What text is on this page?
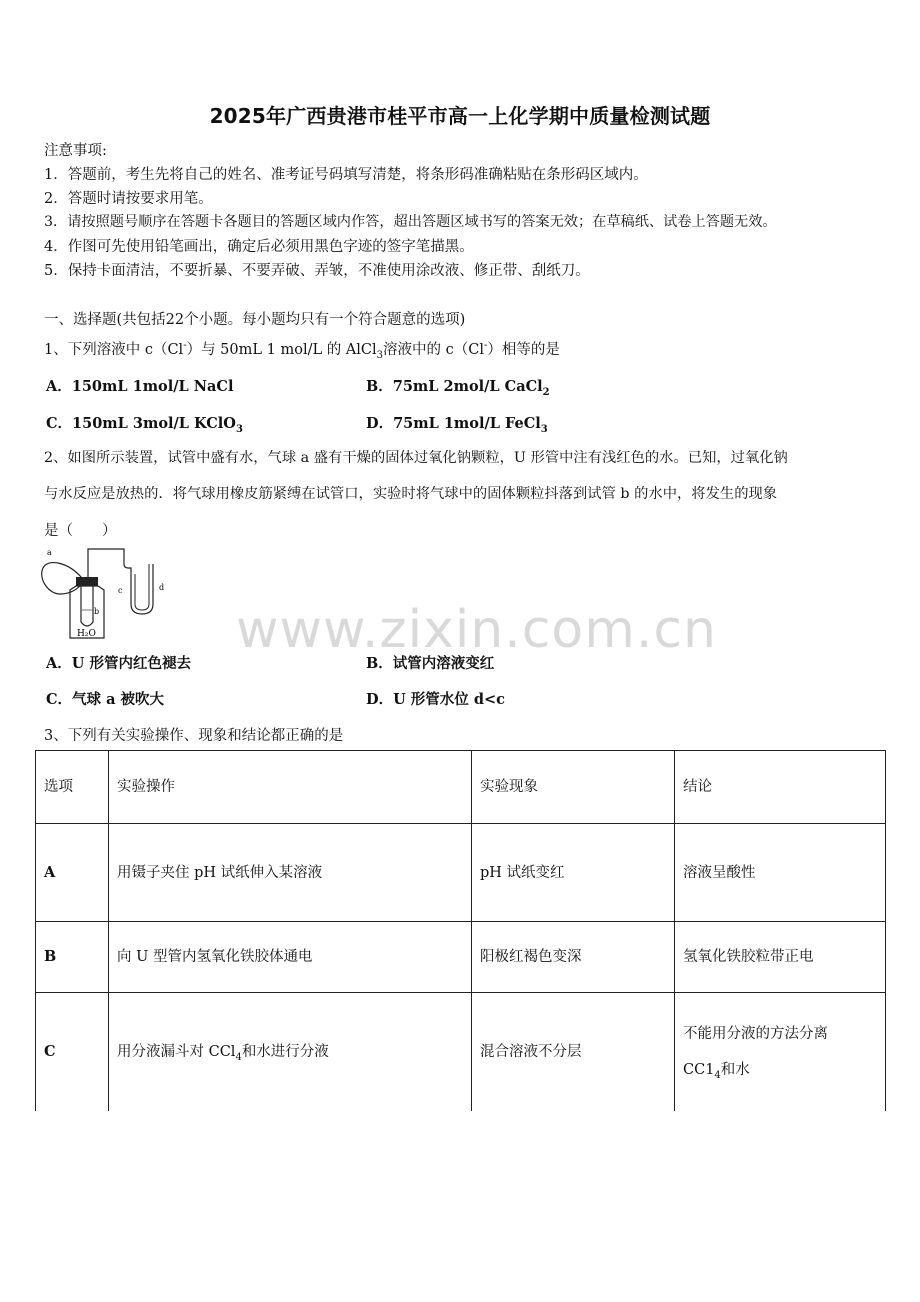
2025年广西贵港市桂平市高一上化学期中质量检测试题
注意事项:
1．答题前，考生先将自己的姓名、准考证号码填写清楚，将条形码准确粘贴在条形码区域内。
2．答题时请按要求用笔。
3．请按照题号顺序在答题卡各题目的答题区域内作答，超出答题区域书写的答案无效；在草稿纸、试卷上答题无效。
4．作图可先使用铅笔画出，确定后必须用黑色字迹的签字笔描黑。
5．保持卡面清洁，不要折暴、不要弄破、弄皱，不准使用涂改液、修正带、刮纸刀。
一、选择题(共包括22个小题。每小题均只有一个符合题意的选项)
1、下列溶液中 c（Cl-）与 50mL 1 mol/L 的 AlCl$_3$溶液中的 c（Cl-）相等的是
A．150mL 1mol/L NaCl	B．75mL 2mol/L CaCl$_2$
C．150mL 3mol/L KClO$_3$	D．75mL 1mol/L FeCl$_3$
2、如图所示装置，试管中盛有水，气球 a 盛有干燥的固体过氧化钠颗粒，U 形管中注有浅红色的水。已知，过氧化钠
与水反应是放热的．将气球用橡皮筋紧缚在试管口，实验时将气球中的固体颗粒抖落到试管 b 的水中，将发生的现象
是（　　）
a
b
c	d
H₂O	www.zixin.com.cn
A．U 形管内红色褪去	B．试管内溶液变红
C．气球 a 被吹大	D．U 形管水位 d<c
3、下列有关实验操作、现象和结论都正确的是
选项	实验操作	实验现象	结论
A	用镊子夹住 pH 试纸伸入某溶液	pH 试纸变红	溶液呈酸性
B	向 U 型管内氢氧化铁胶体通电	阳极红褐色变深	氢氧化铁胶粒带正电
C	用分液漏斗对 CCl$_4$和水进行分液	混合溶液不分层	不能用分液的方法分离
$CC1_4$和水
